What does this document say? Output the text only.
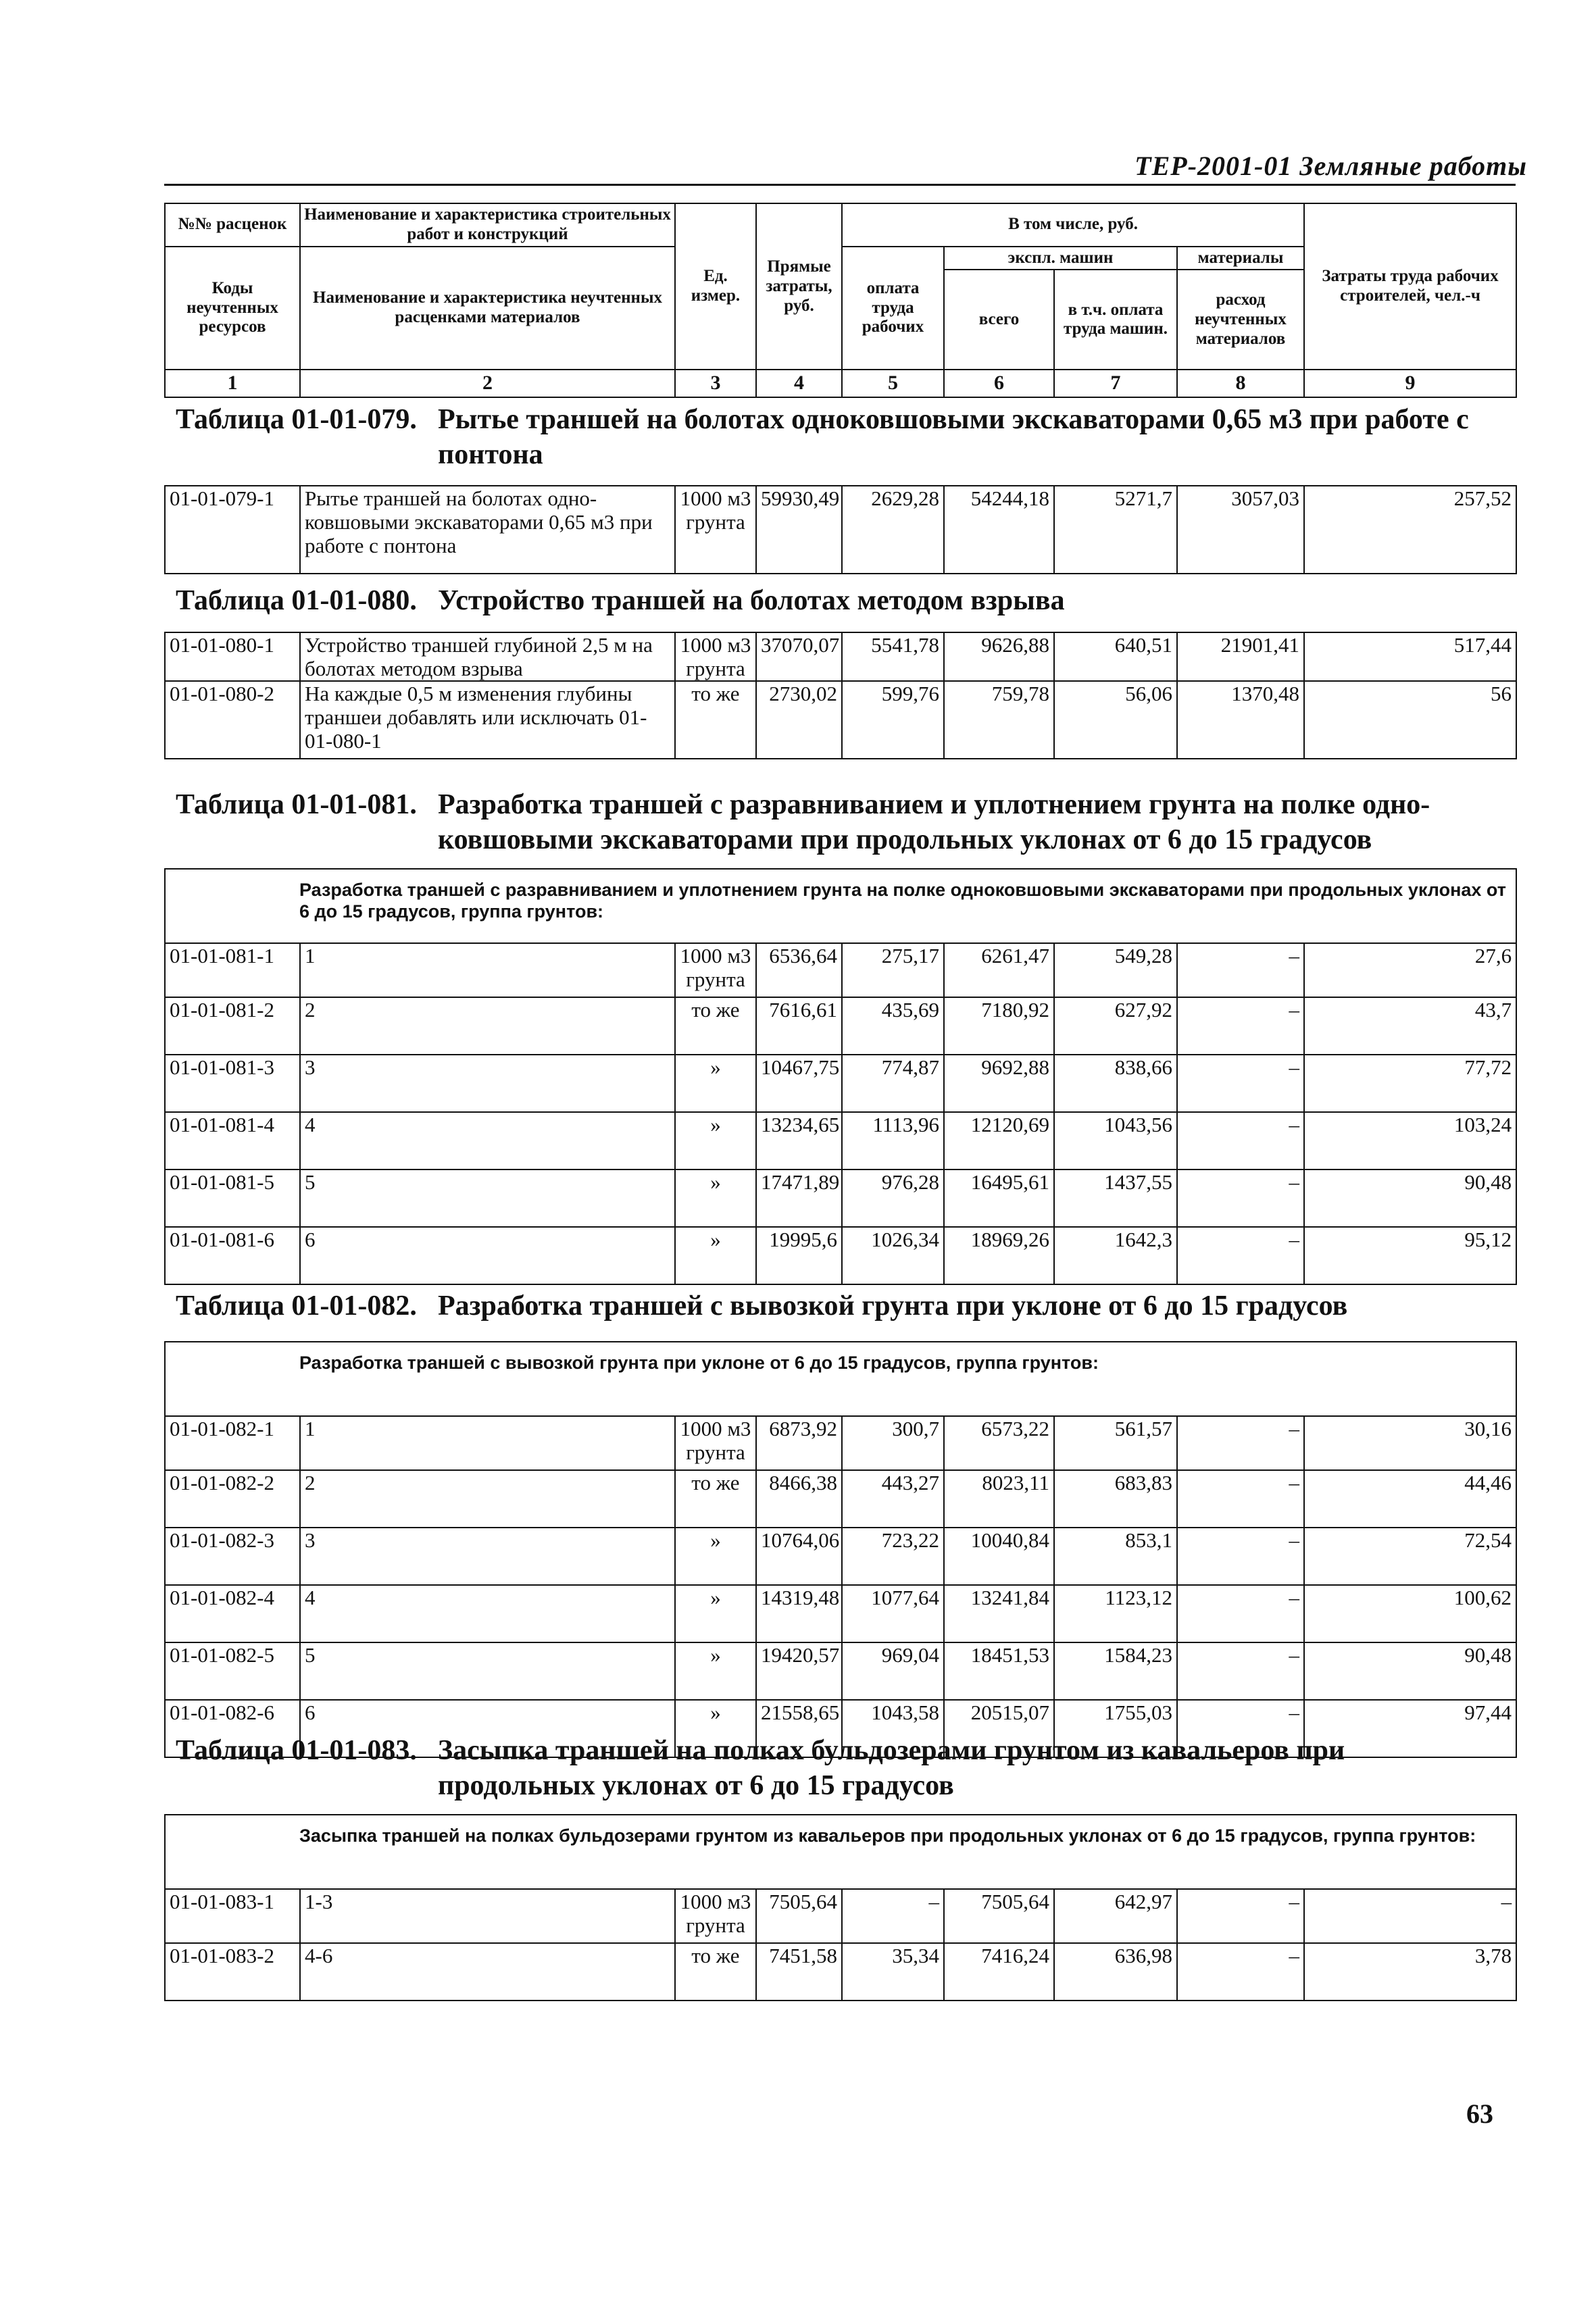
ТЕР-2001-01 Земляные работы
№№ расценок	Наименование и характеристика строительных работ и конструкций	Ед. измер.	Прямые затраты, руб.	В том числе, руб.				Затраты труда рабочих строителей, чел.-ч
Коды неучтенных ресурсов	Наименование и характеристика неучтенных расценками материалов			оплата труда рабочих	экспл. машин		материалы	
					всего	в т.ч. оплата труда машин.	расход неучтенных материалов	
1	2	3	4	5	6	7	8	9
Таблица 01-01-079. Рытье траншей на болотах одноковшовыми экскаваторами 0,65 м3 при работе с
понтона
Таблица 01-01-080. Устройство траншей на болотах методом взрыва
Таблица 01-01-081. Разработка траншей с разравниванием и уплотнением грунта на полке одно-
ковшовыми экскаваторами при продольных уклонах от 6 до 15 градусов
Таблица 01-01-082. Разработка траншей с вывозкой грунта при уклоне от 6 до 15 градусов
Таблица 01-01-083. Засыпка траншей на полках бульдозерами грунтом из кавальеров при
продольных уклонах от 6 до 15 градусов
01-01-079-1	Рытье траншей на болотах одно-ковшовыми экскаваторами 0,65 м3 при работе с понтона	1000 м3 грунта	59930,49	2629,28	54244,18	5271,7	3057,03	257,52
01-01-080-1	Устройство траншей глубиной 2,5 м на болотах методом взрыва	1000 м3 грунта	37070,07	5541,78	9626,88	640,51	21901,41	517,44
01-01-080-2	На каждые 0,5 м изменения глубины траншеи добавлять или исключать 01-01-080-1	то же	2730,02	599,76	759,78	56,06	1370,48	56
Разработка траншей с разравниванием и уплотнением грунта на полке одноковшовыми экскаваторами при продольных уклонах от 6 до 15 градусов, группа грунтов:								
01-01-081-1	1	1000 м3 грунта	6536,64	275,17	6261,47	549,28	–	27,6
01-01-081-2	2	то же	7616,61	435,69	7180,92	627,92	–	43,7
01-01-081-3	3	»	10467,75	774,87	9692,88	838,66	–	77,72
01-01-081-4	4	»	13234,65	1113,96	12120,69	1043,56	–	103,24
01-01-081-5	5	»	17471,89	976,28	16495,61	1437,55	–	90,48
01-01-081-6	6	»	19995,6	1026,34	18969,26	1642,3	–	95,12
Разработка траншей с вывозкой грунта при уклоне от 6 до 15 градусов, группа грунтов:								
01-01-082-1	1	1000 м3 грунта	6873,92	300,7	6573,22	561,57	–	30,16
01-01-082-2	2	то же	8466,38	443,27	8023,11	683,83	–	44,46
01-01-082-3	3	»	10764,06	723,22	10040,84	853,1	–	72,54
01-01-082-4	4	»	14319,48	1077,64	13241,84	1123,12	–	100,62
01-01-082-5	5	»	19420,57	969,04	18451,53	1584,23	–	90,48
01-01-082-6	6	»	21558,65	1043,58	20515,07	1755,03	–	97,44
Засыпка траншей на полках бульдозерами грунтом из кавальеров при продольных уклонах от 6 до 15 градусов, группа грунтов:								
01-01-083-1	1-3	1000 м3 грунта	7505,64	–	7505,64	642,97	–	–
01-01-083-2	4-6	то же	7451,58	35,34	7416,24	636,98	–	3,78
63
